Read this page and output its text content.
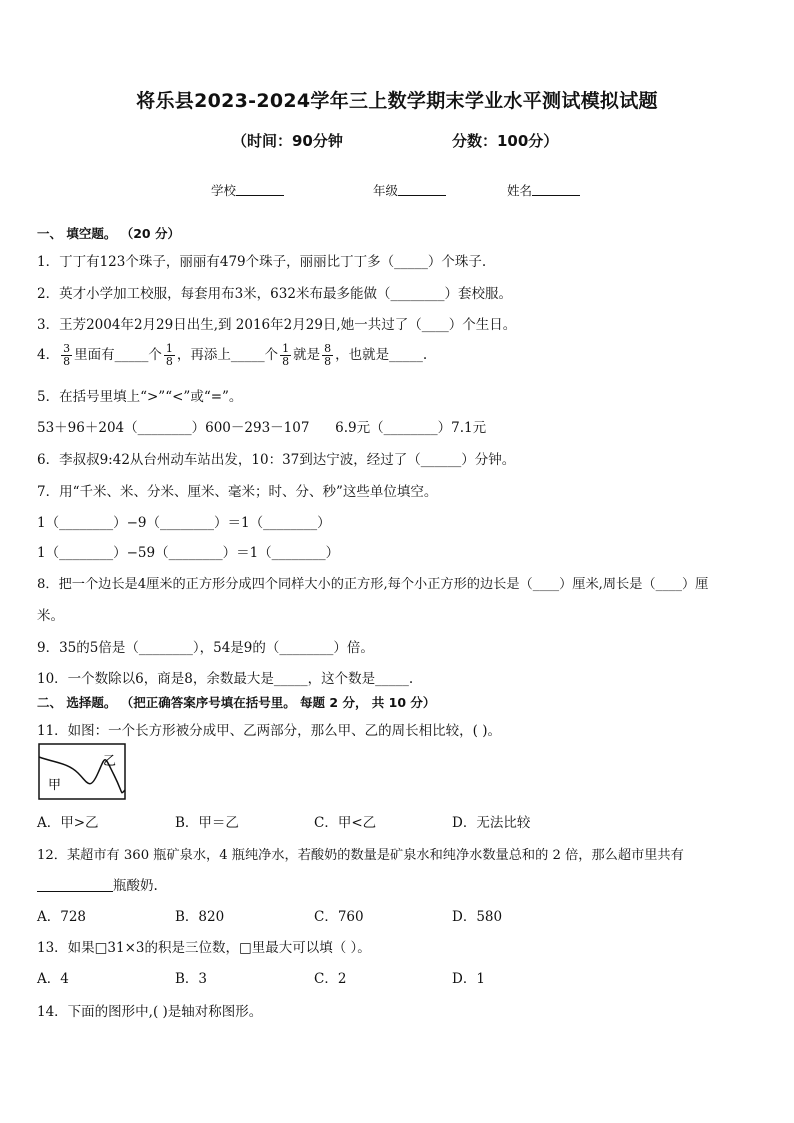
将乐县2023-2024学年三上数学期末学业水平测试模拟试题
（时间：90分钟	分数：100分）
学校	年级	姓名
一、 填空题。 （20 分）
1．丁丁有123个珠子，丽丽有479个珠子，丽丽比丁丁多（_____）个珠子.
2．英才小学加工校服，每套用布3米，632米布最多能做（________）套校服。
3．王芳2004年2月29日出生,到 2016年2月29日,她一共过了（____）个生日。
4． $\frac{3}{8}$ 里面有_____个 $\frac{1}{8}$ ，再添上_____个 $\frac{1}{8}$ 就是 $\frac{8}{8}$ ，也就是_____.
5．在括号里填上“>”“<”或“=”。
53＋96＋204（________）600－293－107      6.9元（________）7.1元
6．李叔叔9:42从台州动车站出发，10：37到达宁波，经过了（______）分钟。
7．用“千米、米、分米、厘米、毫米；时、分、秒”这些单位填空。
1（________）−9（________）＝1（________）
1（________）−59（________）＝1（________）
8．把一个边长是4厘米的正方形分成四个同样大小的正方形,每个小正方形的边长是（____）厘米,周长是（____）厘
米。
9．35的5倍是（________），54是9的（________）倍。
10．一个数除以6，商是8，余数最大是_____，这个数是_____.
二、 选择题。 （把正确答案序号填在括号里。 每题 2 分， 共 10 分）
11．如图：一个长方形被分成甲、乙两部分，那么甲、乙的周长相比较，( )。
甲
乙
A．甲>乙	B．甲＝乙	C．甲<乙	D．无法比较
12．某超市有 360 瓶矿泉水，4 瓶纯净水，若酸奶的数量是矿泉水和纯净水数量总和的 2 倍，那么超市里共有
瓶酸奶.
A．728	B．820	C．760	D．580
13．如果□31×3的积是三位数，□里最大可以填（ ）。
A．4	B．3	C．2	D．1
14．下面的图形中,( )是轴对称图形。
